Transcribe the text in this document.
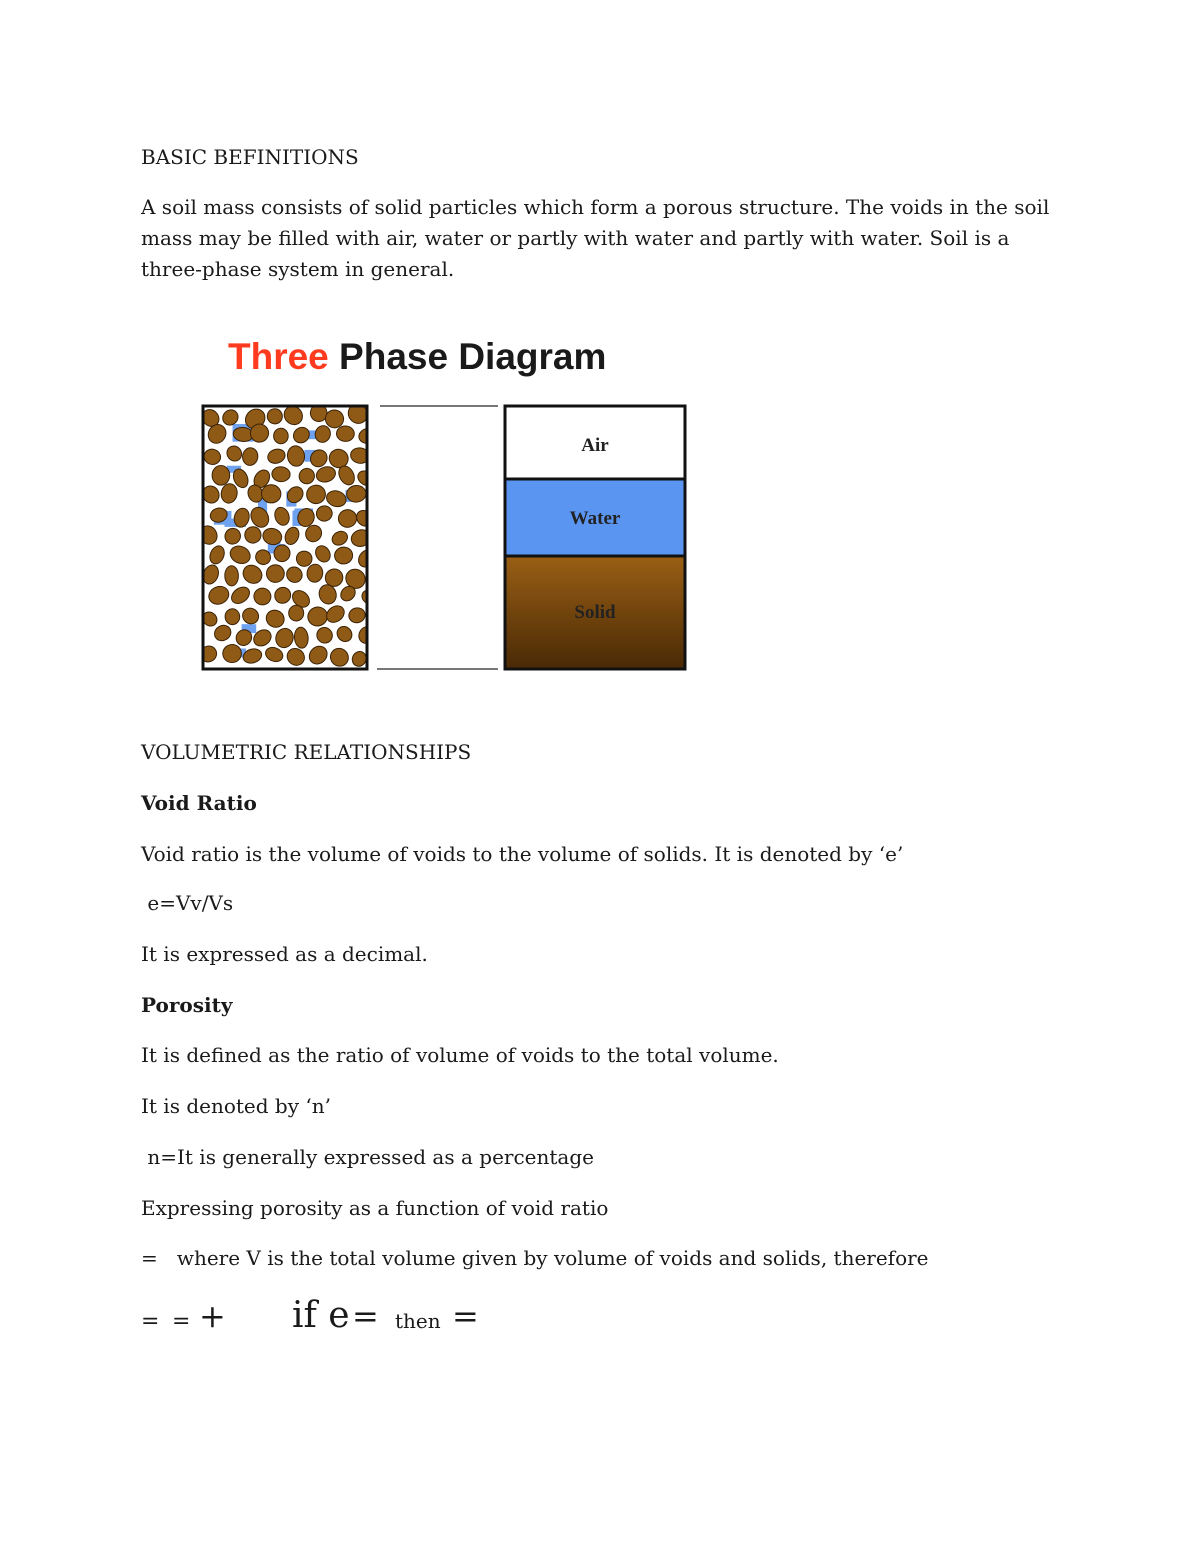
BASIC BEFINITIONS
A soil mass consists of solid particles which form a porous structure. The voids in the soil mass may be filled with air, water or partly with water and partly with water. Soil is a three-phase system in general.
Three Phase Diagram
Air
Water
Solid
VOLUMETRIC RELATIONSHIPS
Void Ratio
Void ratio is the volume of voids to the volume of solids. It is denoted by ‘e’
e=Vv/Vs
It is expressed as a decimal.
Porosity
It is defined as the ratio of volume of voids to the total volume.
It is denoted by ‘n’
n=It is generally expressed as a percentage
Expressing porosity as a function of void ratio
=   where V is the total volume given by volume of voids and solids, therefore
= = + if e = then =
